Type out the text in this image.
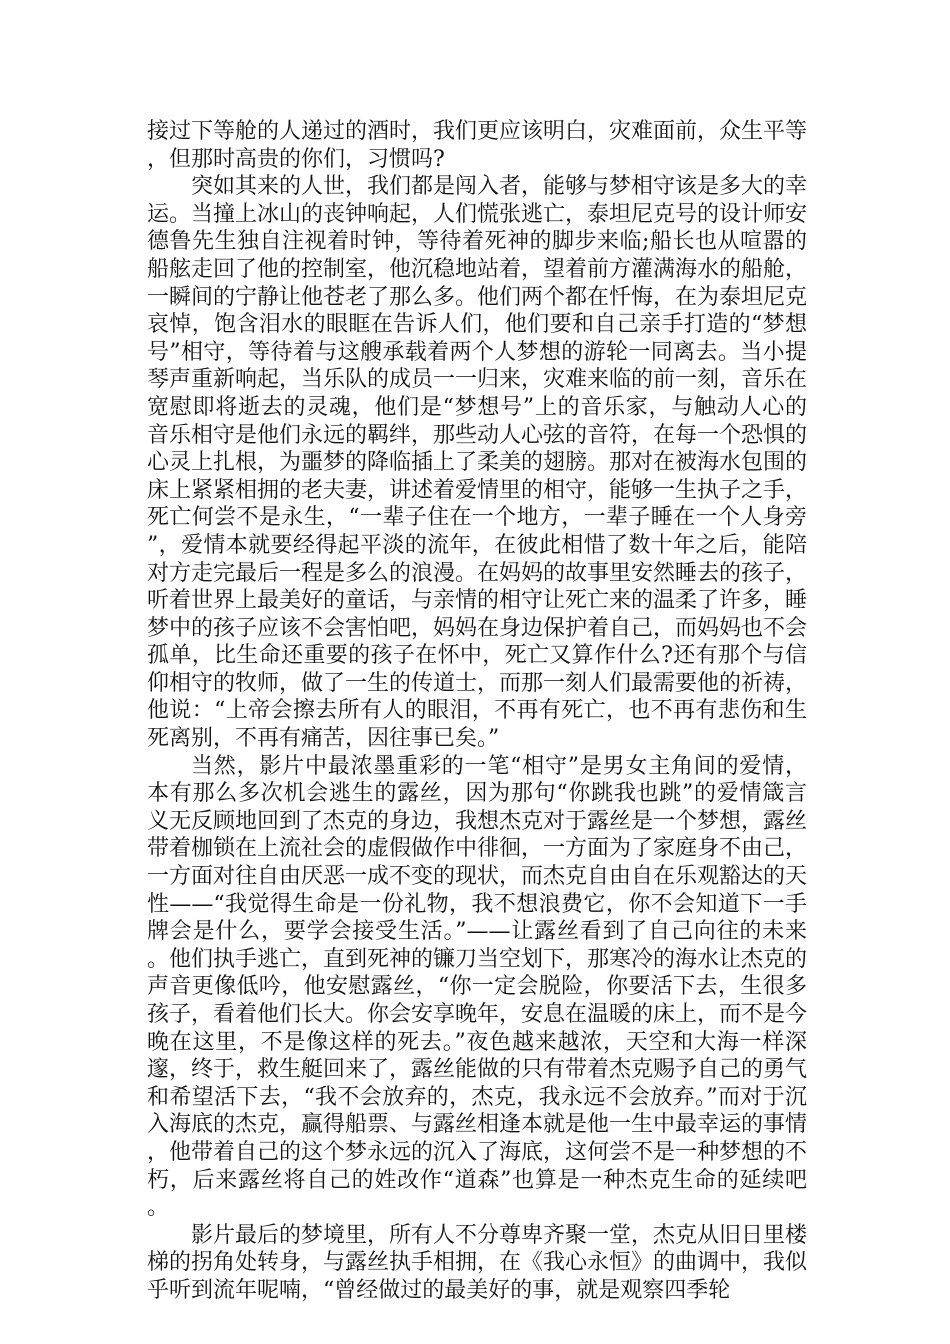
接过下等舱的人递过的酒时，我们更应该明白，灾难面前，众生平等，但那时高贵的你们，习惯吗?

突如其来的人世，我们都是闯入者，能够与梦相守该是多大的幸运。当撞上冰山的丧钟响起，人们慌张逃亡，泰坦尼克号的设计师安德鲁先生独自注视着时钟，等待着死神的脚步来临;船长也从喧嚣的船舷走回了他的控制室，他沉稳地站着，望着前方灌满海水的船舱，一瞬间的宁静让他苍老了那么多。他们两个都在忏悔，在为泰坦尼克哀悼，饱含泪水的眼眶在告诉人们，他们要和自己亲手打造的“梦想号”相守，等待着与这艘承载着两个人梦想的游轮一同离去。当小提琴声重新响起，当乐队的成员一一归来，灾难来临的前一刻，音乐在宽慰即将逝去的灵魂，他们是“梦想号”上的音乐家，与触动人心的音乐相守是他们永远的羁绊，那些动人心弦的音符，在每一个恐惧的心灵上扎根，为噩梦的降临插上了柔美的翅膀。那对在被海水包围的床上紧紧相拥的老夫妻，讲述着爱情里的相守，能够一生执子之手，死亡何尝不是永生，“一辈子住在一个地方，一辈子睡在一个人身旁”，爱情本就要经得起平淡的流年，在彼此相惜了数十年之后，能陪对方走完最后一程是多么的浪漫。在妈妈的故事里安然睡去的孩子，听着世界上最美好的童话，与亲情的相守让死亡来的温柔了许多，睡梦中的孩子应该不会害怕吧，妈妈在身边保护着自己，而妈妈也不会孤单，比生命还重要的孩子在怀中，死亡又算作什么?还有那个与信仰相守的牧师，做了一生的传道士，而那一刻人们最需要他的祈祷，他说：“上帝会擦去所有人的眼泪，不再有死亡，也不再有悲伤和生死离别，不再有痛苦，因往事已矣。”

当然，影片中最浓墨重彩的一笔“相守”是男女主角间的爱情，本有那么多次机会逃生的露丝，因为那句“你跳我也跳”的爱情箴言义无反顾地回到了杰克的身边，我想杰克对于露丝是一个梦想，露丝带着枷锁在上流社会的虚假做作中徘徊，一方面为了家庭身不由己，一方面对往自由厌恶一成不变的现状，而杰克自由自在乐观豁达的天性——“我觉得生命是一份礼物，我不想浪费它，你不会知道下一手牌会是什么，要学会接受生活。”——让露丝看到了自己向往的未来。他们执手逃亡，直到死神的镰刀当空划下，那寒冷的海水让杰克的声音更像低吟，他安慰露丝，“你一定会脱险，你要活下去，生很多孩子，看着他们长大。你会安享晚年，安息在温暖的床上，而不是今晚在这里，不是像这样的死去。”夜色越来越浓，天空和大海一样深邃，终于，救生艇回来了，露丝能做的只有带着杰克赐予自己的勇气和希望活下去，“我不会放弃的，杰克，我永远不会放弃。”而对于沉入海底的杰克，赢得船票、与露丝相逢本就是他一生中最幸运的事情，他带着自己的这个梦永远的沉入了海底，这何尝不是一种梦想的不朽，后来露丝将自己的姓改作“道森”也算是一种杰克生命的延续吧。

影片最后的梦境里，所有人不分尊卑齐聚一堂，杰克从旧日里楼梯的拐角处转身，与露丝执手相拥，在《我心永恒》的曲调中，我似乎听到流年呢喃，“曾经做过的最美好的事，就是观察四季轮
